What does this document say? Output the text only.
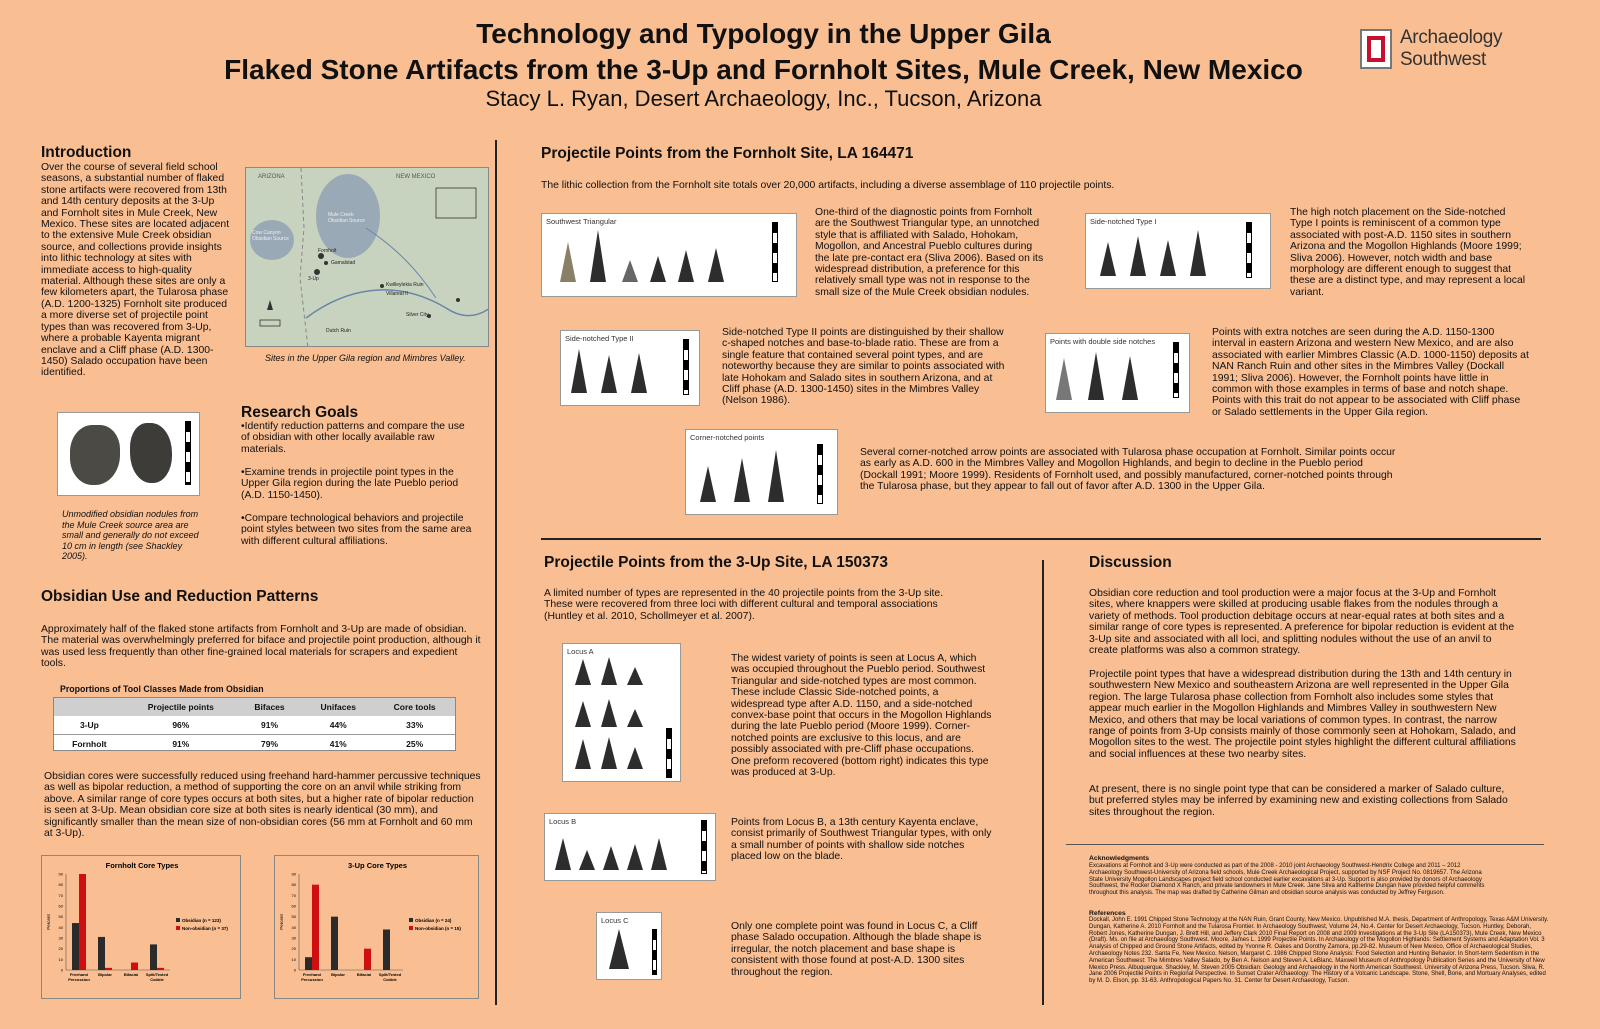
Technology and Typology in the Upper Gila
Flaked Stone Artifacts from the 3-Up and Fornholt Sites, Mule Creek, New Mexico
Stacy L. Ryan, Desert Archaeology, Inc., Tucson, Arizona
Archaeology Southwest
Introduction
Over the course of several field school seasons, a substantial number of flaked stone artifacts were recovered from 13th and 14th century deposits at the 3-Up and Fornholt sites in Mule Creek, New Mexico. These sites are located adjacent to the extensive Mule Creek obsidian source, and collections provide insights into lithic technology at sites with immediate access to high-quality material. Although these sites are only a few kilometers apart, the Tularosa phase (A.D. 1200-1325) Fornholt site produced a more diverse set of projectile point types than was recovered from 3-Up, where a probable Kayenta migrant enclave and a Cliff phase (A.D. 1300-1450) Salado occupation have been identified.
ARIZONA	NEW MEXICO
Cow Canyon Obsidian Source
Mule Creek Obsidian Source
Fornholt
3-Up
Gamalstad
Kwilleylekia Ruin
Villareal II
Silver City
Dutch Ruin
Sites in the Upper Gila region and Mimbres Valley.
Unmodified obsidian nodules from the Mule Creek source area are small and generally do not exceed 10 cm in length (see Shackley 2005).
Research Goals
•Identify reduction patterns and compare the use of obsidian with other locally available raw materials.
•Examine trends in projectile point types in the Upper Gila region during the late Pueblo period (A.D. 1150-1450).
•Compare technological behaviors and projectile point styles between two sites from the same area with different cultural affiliations.
Obsidian Use and Reduction Patterns
Approximately half of the flaked stone artifacts from Fornholt and 3-Up are made of obsidian. The material was overwhelmingly preferred for biface and projectile point production, although it was used less frequently than other fine-grained local materials for scrapers and expedient tools.
Proportions of Tool Classes Made from Obsidian
	Projectile points	Bifaces	Unifaces	Core tools
3-Up	96%	91%	44%	33%
Fornholt	91%	79%	41%	25%
Obsidian cores were successfully reduced using freehand hard-hammer percussive techniques as well as bipolar reduction, a method of supporting the core on an anvil while striking from above. A similar range of core types occurs at both sites, but a higher rate of bipolar reduction is seen at 3-Up. Mean obsidian core size at both sites is nearly identical (30 mm), and significantly smaller than the mean size of non-obsidian cores (56 mm at Fornholt and 60 mm at 3-Up).
Fornholt Core Types
Percent
0
10
20
30
40
50
60
70
80
90
Freehand
Percussion
Bipolar	Bifacial Split/Tested
Cobble
Obsidian (n = 123)
Non-obsidian (n = 37)
3-Up Core Types
Percent
0
10
20
30
40
50
60
70
80
90
Freehand
Percussion
Bipolar	Bifacial Split/Tested
Cobble
Obsidian (n = 24)
Non-obsidian (n = 15)
Projectile Points from the Fornholt Site, LA 164471
The lithic collection from the Fornholt site totals over 20,000 artifacts, including a diverse assemblage of 110 projectile points.
Southwest Triangular
One-third of the diagnostic points from Fornholt are the Southwest Triangular type, an unnotched style that is affiliated with Salado, Hohokam, Mogollon, and Ancestral Pueblo cultures during the late pre-contact era (Sliva 2006). Based on its widespread distribution, a preference for this relatively small type was not in response to the small size of the Mule Creek obsidian nodules.
Side-notched Type I
The high notch placement on the Side-notched Type I points is reminiscent of a common type associated with post-A.D. 1150 sites in southern Arizona and the Mogollon Highlands (Moore 1999; Sliva 2006). However, notch width and base morphology are different enough to suggest that these are a distinct type, and may represent a local variant.
Side-notched Type II
Side-notched Type II points are distinguished by their shallow c-shaped notches and base-to-blade ratio. These are from a single feature that contained several point types, and are noteworthy because they are similar to points associated with late Hohokam and Salado sites in southern Arizona, and at Cliff phase (A.D. 1300-1450) sites in the Mimbres Valley (Nelson 1986).
Points with double side notches
Points with extra notches are seen during the A.D. 1150-1300 interval in eastern Arizona and western New Mexico, and are also associated with earlier Mimbres Classic (A.D. 1000-1150) deposits at NAN Ranch Ruin and other sites in the Mimbres Valley (Dockall 1991; Sliva 2006). However, the Fornholt points have little in common with those examples in terms of base and notch shape. Points with this trait do not appear to be associated with Cliff phase or Salado settlements in the Upper Gila region.
Corner-notched points
Several corner-notched arrow points are associated with Tularosa phase occupation at Fornholt. Similar points occur as early as A.D. 600 in the Mimbres Valley and Mogollon Highlands, and begin to decline in the Pueblo period (Dockall 1991; Moore 1999). Residents of Fornholt used, and possibly manufactured, corner-notched points through the Tularosa phase, but they appear to fall out of favor after A.D. 1300 in the Upper Gila.
Projectile Points from the 3-Up Site, LA 150373
A limited number of types are represented in the 40 projectile points from the 3-Up site. These were recovered from three loci with different cultural and temporal associations (Huntley et al. 2010, Schollmeyer et al. 2007).
Locus A
The widest variety of points is seen at Locus A, which was occupied throughout the Pueblo period. Southwest Triangular and side-notched types are most common. These include Classic Side-notched points, a widespread type after A.D. 1150, and a side-notched convex-base point that occurs in the Mogollon Highlands during the late Pueblo period (Moore 1999). Corner-notched points are exclusive to this locus, and are possibly associated with pre-Cliff phase occupations. One preform recovered (bottom right) indicates this type was produced at 3-Up.
Locus B	Points from Locus B, a 13th century Kayenta enclave, consist primarily of Southwest Triangular types, with only a small number of points with shallow side notches placed low on the blade.
Locus C
Only one complete point was found in Locus C, a Cliff phase Salado occupation. Although the blade shape is irregular, the notch placement and base shape is consistent with those found at post-A.D. 1300 sites throughout the region.
Discussion
Obsidian core reduction and tool production were a major focus at the 3-Up and Fornholt sites, where knappers were skilled at producing usable flakes from the nodules through a variety of methods. Tool production debitage occurs at near-equal rates at both sites and a similar range of core types is represented. A preference for bipolar reduction is evident at the 3-Up site and associated with all loci, and splitting nodules without the use of an anvil to create platforms was also a common strategy.
Projectile point types that have a widespread distribution during the 13th and 14th century in southwestern New Mexico and southeastern Arizona are well represented in the Upper Gila region. The large Tularosa phase collection from Fornholt also includes some styles that appear much earlier in the Mogollon Highlands and Mimbres Valley in southwestern New Mexico, and others that may be local variations of common types. In contrast, the narrow range of points from 3-Up consists mainly of those commonly seen at Hohokam, Salado, and Mogollon sites to the west. The projectile point styles highlight the different cultural affiliations and social influences at these two nearby sites.
At present, there is no single point type that can be considered a marker of Salado culture, but preferred styles may be inferred by examining new and existing collections from Salado sites throughout the region.
Acknowledgments
Excavations at Fornholt and 3-Up were conducted as part of the 2008 - 2010 joint Archaeology Southwest-Hendrix College and 2011 – 2012 Archaeology Southwest-University of Arizona field schools, Mule Creek Archaeological Project, supported by NSF Project No. 0819657. The Arizona State University Mogollon Landscapes project field school conducted earlier excavations at 3-Up. Support is also provided by donors of Archaeology Southwest, the Rocker Diamond X Ranch, and private landowners in Mule Creek. Jane Sliva and Katherine Dungan have provided helpful comments throughout this analysis. The map was drafted by Catherine Gilman and obsidian source analysis was conducted by Jeffrey Ferguson.
References
Dockall, John E. 1991 Chipped Stone Technology at the NAN Ruin, Grant County, New Mexico. Unpublished M.A. thesis, Department of Anthropology, Texas A&M University. Dungan, Katherine A. 2010 Fornholt and the Tularosa Frontier. In Archaeology Southwest, Volume 24, No.4. Center for Desert Archaeology, Tucson. Huntley, Deborah, Robert Jones, Katherine Dungan, J. Brett Hill, and Jeffery Clark 2010 Final Report on 2008 and 2009 Investigations at the 3-Up Site (LA150373), Mule Creek, New Mexico (Draft). Ms. on file at Archaeology Southwest. Moore, James L. 1999 Projectile Points. In Archaeology of the Mogollon Highlands: Settlement Systems and Adaptation Vol. 3 Analysis of Chipped and Ground Stone Artifacts, edited by Yvonne R. Oakes and Dorothy Zamora, pp.29-82. Museum of New Mexico, Office of Archaeological Studies, Archaeology Notes 232. Santa Fe, New Mexico. Nelson, Margaret C. 1986 Chipped Stone Analysis: Food Selection and Hunting Behavior. In Short-term Sedentism in the American Southwest: The Mimbres Valley Salado, by Ben A. Nelson and Steven A. LeBlanc. Maxwell Museum of Anthropology Publication Series and the University of New Mexico Press. Albuquerque. Shackley, M. Steven 2005 Obsidian: Geology and Archaeology in the North American Southwest. University of Arizona Press, Tucson. Sliva, R. Jane 2006 Projectile Points in Regional Perspective. In Sunset Crater Archaeology: The History of a Volcanic Landscape. Stone, Shell, Bone, and Mortuary Analyses, edited by M. D. Elson, pp. 31-63. Anthropological Papers No. 31. Center for Desert Archaeology, Tucson.
